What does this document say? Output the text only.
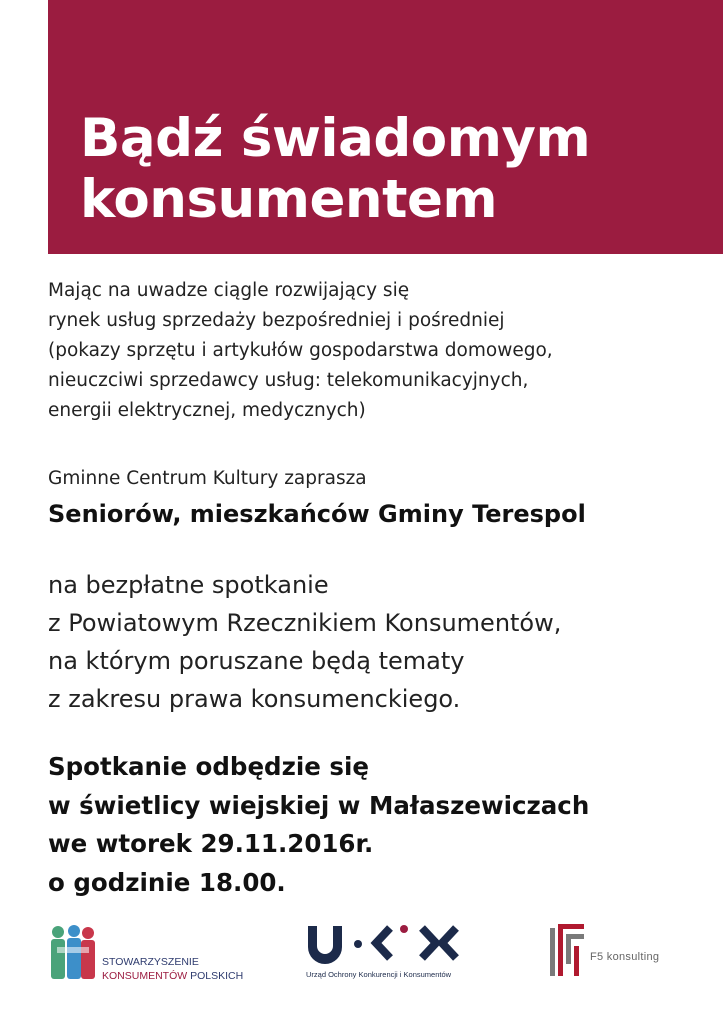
Bądź świadomym
konsumentem
Mając na uwadze ciągle rozwijający się
rynek usług sprzedaży bezpośredniej i pośredniej
(pokazy sprzętu i artykułów gospodarstwa domowego,
nieuczciwi sprzedawcy usług: telekomunikacyjnych,
energii elektrycznej, medycznych)
Gminne Centrum Kultury zaprasza
Seniorów, mieszkańców Gminy Terespol
na bezpłatne spotkanie
z Powiatowym Rzecznikiem Konsumentów,
na którym poruszane będą tematy
z zakresu prawa konsumenckiego.
Spotkanie odbędzie się
w świetlicy wiejskiej w Małaszewiczach
we wtorek 29.11.2016r.
o godzinie 18.00.
STOWARZYSZENIE
KONSUMENTÓW POLSKICH	Urząd Ochrony Konkurencji i Konsumentów
F5 konsulting
